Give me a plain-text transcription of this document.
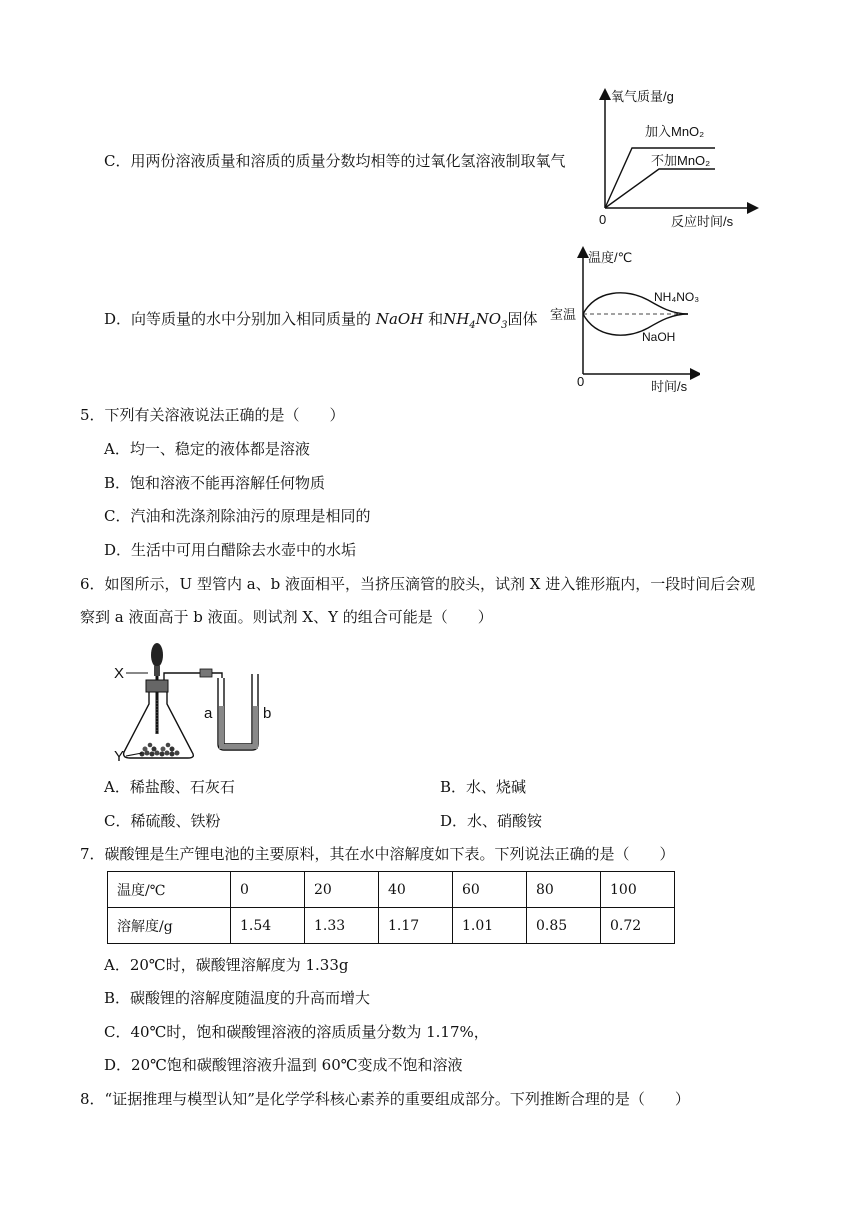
C．用两份溶液质量和溶质的质量分数均相等的过氧化氢溶液制取氧气
氧气质量/g
加入MnO₂
不加MnO₂
0	反应时间/s
D．向等质量的水中分别加入相同质量的 NaOH 和$NH_4NO_3$固体
温度/℃
室温
NH₄NO₃
NaOH
0	时间/s
5．下列有关溶液说法正确的是（　　）
A．均一、稳定的液体都是溶液
B．饱和溶液不能再溶解任何物质
C．汽油和洗涤剂除油污的原理是相同的
D．生活中可用白醋除去水壶中的水垢
6．如图所示，U 型管内 a、b 液面相平，当挤压滴管的胶头，试剂 X 进入锥形瓶内，一段时间后会观
察到 a 液面高于 b 液面。则试剂 X、Y 的组合可能是（　　）
X
Y
a	b
A．稀盐酸、石灰石	B．水、烧碱
C．稀硫酸、铁粉	D．水、硝酸铵
7．碳酸锂是生产锂电池的主要原料，其在水中溶解度如下表。下列说法正确的是（　　）
温度/℃	0	20	40	60	80	100
溶解度/g	1.54	1.33	1.17	1.01	0.85	0.72
A．20℃时，碳酸锂溶解度为 1.33g
B．碳酸锂的溶解度随温度的升高而增大
C．40℃时，饱和碳酸锂溶液的溶质质量分数为 1.17%，
D．20℃饱和碳酸锂溶液升温到 60℃变成不饱和溶液
8．“证据推理与模型认知”是化学学科核心素养的重要组成部分。下列推断合理的是（　　）
